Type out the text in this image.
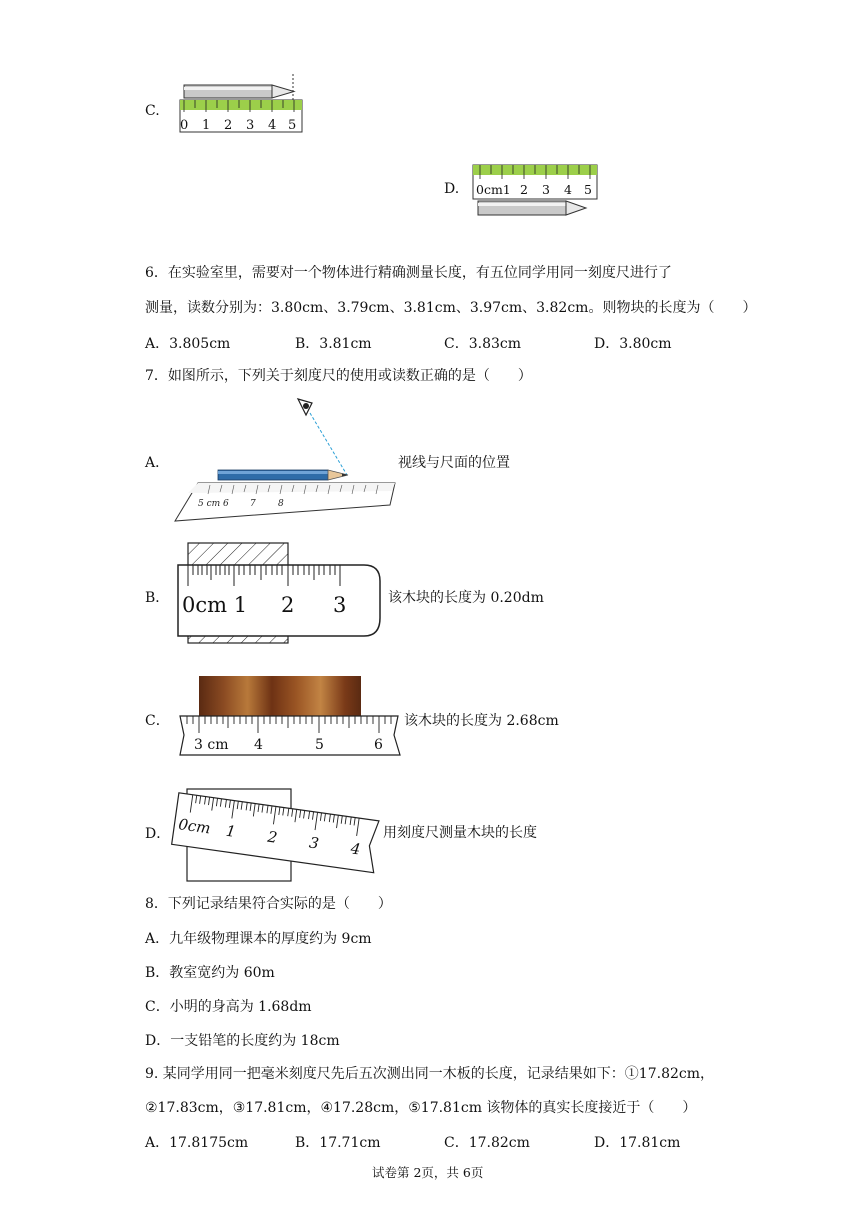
C.
0 1 2 3 4 5
D. 0cm1 2 3 4 5
6．在实验室里，需要对一个物体进行精确测量长度，有五位同学用同一刻度尺进行了
测量，读数分别为：3.80cm、3.79cm、3.81cm、3.97cm、3.82cm。则物块的长度为（　　）
A．3.805cm	B．3.81cm	C．3.83cm	D．3.80cm
7．如图所示，下列关于刻度尺的使用或读数正确的是（　　）
A．
5 cm 6 7 8
视线与尺面的位置
B． 0cm 1 2 3	该木块的长度为 0.20dm
C．
3 cm 4	5	6
该木块的长度为 2.68cm
D． 0cm 1 2 3 4
用刻度尺测量木块的长度
8．下列记录结果符合实际的是（　　）
A．九年级物理课本的厚度约为 9cm
B．教室宽约为 60m
C．小明的身高为 1.68dm
D．一支铅笔的长度约为 18cm
9. 某同学用同一把毫米刻度尺先后五次测出同一木板的长度，记录结果如下：①17.82cm，
②17.83cm，③17.81cm，④17.28cm，⑤17.81cm 该物体的真实长度接近于（　　）
A．17.8175cm	B．17.71cm	C．17.82cm	D．17.81cm
试卷第 2页，共 6页
